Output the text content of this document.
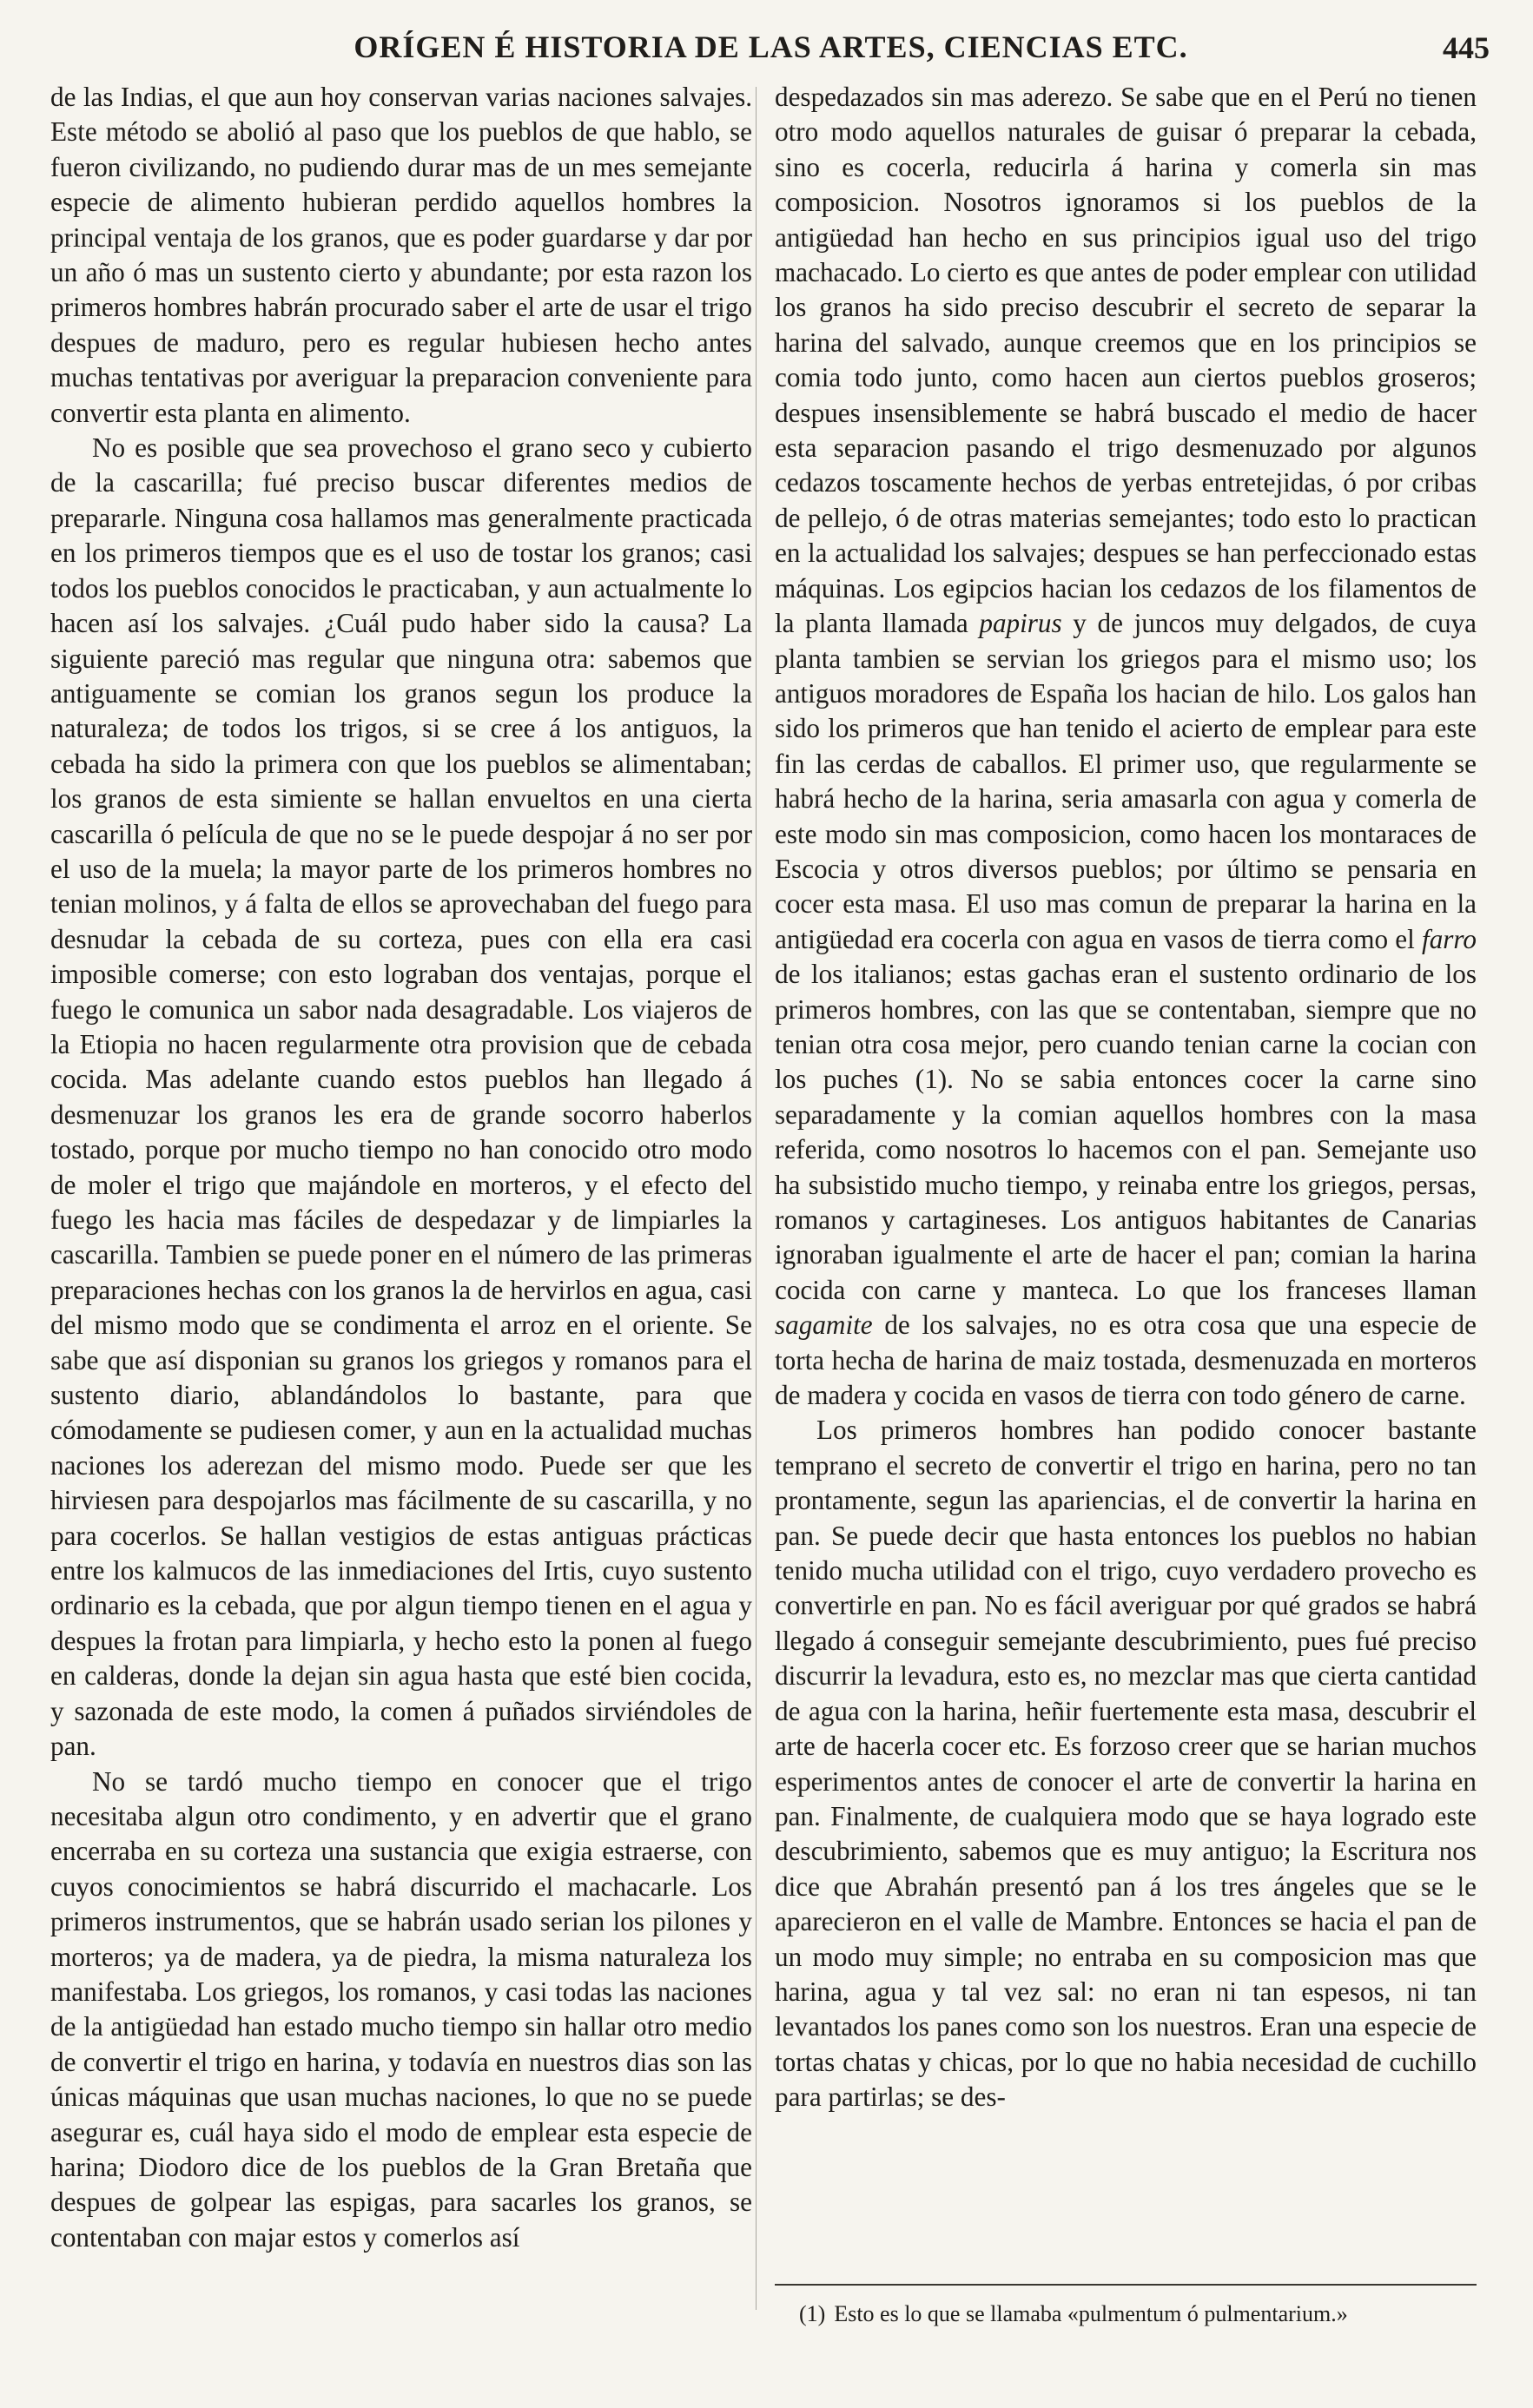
ORÍGEN É HISTORIA DE LAS ARTES, CIENCIAS ETC.	445

de las Indias, el que aun hoy conservan varias naciones salvajes. Este método se abolió al paso que los pueblos de que hablo, se fueron civilizando, no pudiendo durar mas de un mes semejante especie de alimento hubieran perdido aquellos hombres la principal ventaja de los granos, que es poder guardarse y dar por un año ó mas un sustento cierto y abundante; por esta razon los primeros hombres habrán procurado saber el arte de usar el trigo despues de maduro, pero es regular hubiesen hecho antes muchas tentativas por averiguar la preparacion conveniente para convertir esta planta en alimento.

No es posible que sea provechoso el grano seco y cubierto de la cascarilla; fué preciso buscar diferentes medios de prepararle. Ninguna cosa hallamos mas generalmente practicada en los primeros tiempos que es el uso de tostar los granos; casi todos los pueblos conocidos le practicaban, y aun actualmente lo hacen así los salvajes. ¿Cuál pudo haber sido la causa? La siguiente pareció mas regular que ninguna otra: sabemos que antiguamente se comian los granos segun los produce la naturaleza; de todos los trigos, si se cree á los antiguos, la cebada ha sido la primera con que los pueblos se alimentaban; los granos de esta simiente se hallan envueltos en una cierta cascarilla ó película de que no se le puede despojar á no ser por el uso de la muela; la mayor parte de los primeros hombres no tenian molinos, y á falta de ellos se aprovechaban del fuego para desnudar la cebada de su corteza, pues con ella era casi imposible comerse; con esto lograban dos ventajas, porque el fuego le comunica un sabor nada desagradable. Los viajeros de la Etiopia no hacen regularmente otra provision que de cebada cocida. Mas adelante cuando estos pueblos han llegado á desmenuzar los granos les era de grande socorro haberlos tostado, porque por mucho tiempo no han conocido otro modo de moler el trigo que majándole en morteros, y el efecto del fuego les hacia mas fáciles de despedazar y de limpiarles la cascarilla. Tambien se puede poner en el número de las primeras preparaciones hechas con los granos la de hervirlos en agua, casi del mismo modo que se condimenta el arroz en el oriente. Se sabe que así disponian su granos los griegos y romanos para el sustento diario, ablandándolos lo bastante, para que cómodamente se pudiesen comer, y aun en la actualidad muchas naciones los aderezan del mismo modo. Puede ser que les hirviesen para despojarlos mas fácilmente de su cascarilla, y no para cocerlos. Se hallan vestigios de estas antiguas prácticas entre los kalmucos de las inmediaciones del Irtis, cuyo sustento ordinario es la cebada, que por algun tiempo tienen en el agua y despues la frotan para limpiarla, y hecho esto la ponen al fuego en calderas, donde la dejan sin agua hasta que esté bien cocida, y sazonada de este modo, la comen á puñados sirviéndoles de pan.

No se tardó mucho tiempo en conocer que el trigo necesitaba algun otro condimento, y en advertir que el grano encerraba en su corteza una sustancia que exigia estraerse, con cuyos conocimientos se habrá discurrido el machacarle. Los primeros instrumentos, que se habrán usado serian los pilones y morteros; ya de madera, ya de piedra, la misma naturaleza los manifestaba. Los griegos, los romanos, y casi todas las naciones de la antigüedad han estado mucho tiempo sin hallar otro medio de convertir el trigo en harina, y todavía en nuestros dias son las únicas máquinas que usan muchas naciones, lo que no se puede asegurar es, cuál haya sido el modo de emplear esta especie de harina; Diodoro dice de los pueblos de la Gran Bretaña que despues de golpear las espigas, para sacarles los granos, se contentaban con majar estos y comerlos así

despedazados sin mas aderezo. Se sabe que en el Perú no tienen otro modo aquellos naturales de guisar ó preparar la cebada, sino es cocerla, reducirla á harina y comerla sin mas composicion. Nosotros ignoramos si los pueblos de la antigüedad han hecho en sus principios igual uso del trigo machacado. Lo cierto es que antes de poder emplear con utilidad los granos ha sido preciso descubrir el secreto de separar la harina del salvado, aunque creemos que en los principios se comia todo junto, como hacen aun ciertos pueblos groseros; despues insensiblemente se habrá buscado el medio de hacer esta separacion pasando el trigo desmenuzado por algunos cedazos toscamente hechos de yerbas entretejidas, ó por cribas de pellejo, ó de otras materias semejantes; todo esto lo practican en la actualidad los salvajes; despues se han perfeccionado estas máquinas. Los egipcios hacian los cedazos de los filamentos de la planta llamada papirus y de juncos muy delgados, de cuya planta tambien se servian los griegos para el mismo uso; los antiguos moradores de España los hacian de hilo. Los galos han sido los primeros que han tenido el acierto de emplear para este fin las cerdas de caballos. El primer uso, que regularmente se habrá hecho de la harina, seria amasarla con agua y comerla de este modo sin mas composicion, como hacen los montaraces de Escocia y otros diversos pueblos; por último se pensaria en cocer esta masa. El uso mas comun de preparar la harina en la antigüedad era cocerla con agua en vasos de tierra como el farro de los italianos; estas gachas eran el sustento ordinario de los primeros hombres, con las que se contentaban, siempre que no tenian otra cosa mejor, pero cuando tenian carne la cocian con los puches (1). No se sabia entonces cocer la carne sino separadamente y la comian aquellos hombres con la masa referida, como nosotros lo hacemos con el pan. Semejante uso ha subsistido mucho tiempo, y reinaba entre los griegos, persas, romanos y cartagineses. Los antiguos habitantes de Canarias ignoraban igualmente el arte de hacer el pan; comian la harina cocida con carne y manteca. Lo que los franceses llaman sagamite de los salvajes, no es otra cosa que una especie de torta hecha de harina de maiz tostada, desmenuzada en morteros de madera y cocida en vasos de tierra con todo género de carne.

Los primeros hombres han podido conocer bastante temprano el secreto de convertir el trigo en harina, pero no tan prontamente, segun las apariencias, el de convertir la harina en pan. Se puede decir que hasta entonces los pueblos no habian tenido mucha utilidad con el trigo, cuyo verdadero provecho es convertirle en pan. No es fácil averiguar por qué grados se habrá llegado á conseguir semejante descubrimiento, pues fué preciso discurrir la levadura, esto es, no mezclar mas que cierta cantidad de agua con la harina, heñir fuertemente esta masa, descubrir el arte de hacerla cocer etc. Es forzoso creer que se harian muchos esperimentos antes de conocer el arte de convertir la harina en pan. Finalmente, de cualquiera modo que se haya logrado este descubrimiento, sabemos que es muy antiguo; la Escritura nos dice que Abrahán presentó pan á los tres ángeles que se le aparecieron en el valle de Mambre. Entonces se hacia el pan de un modo muy simple; no entraba en su composicion mas que harina, agua y tal vez sal: no eran ni tan espesos, ni tan levantados los panes como son los nuestros. Eran una especie de tortas chatas y chicas, por lo que no habia necesidad de cuchillo para partirlas; se des-

(1) Esto es lo que se llamaba «pulmentum ó pulmentarium.»
